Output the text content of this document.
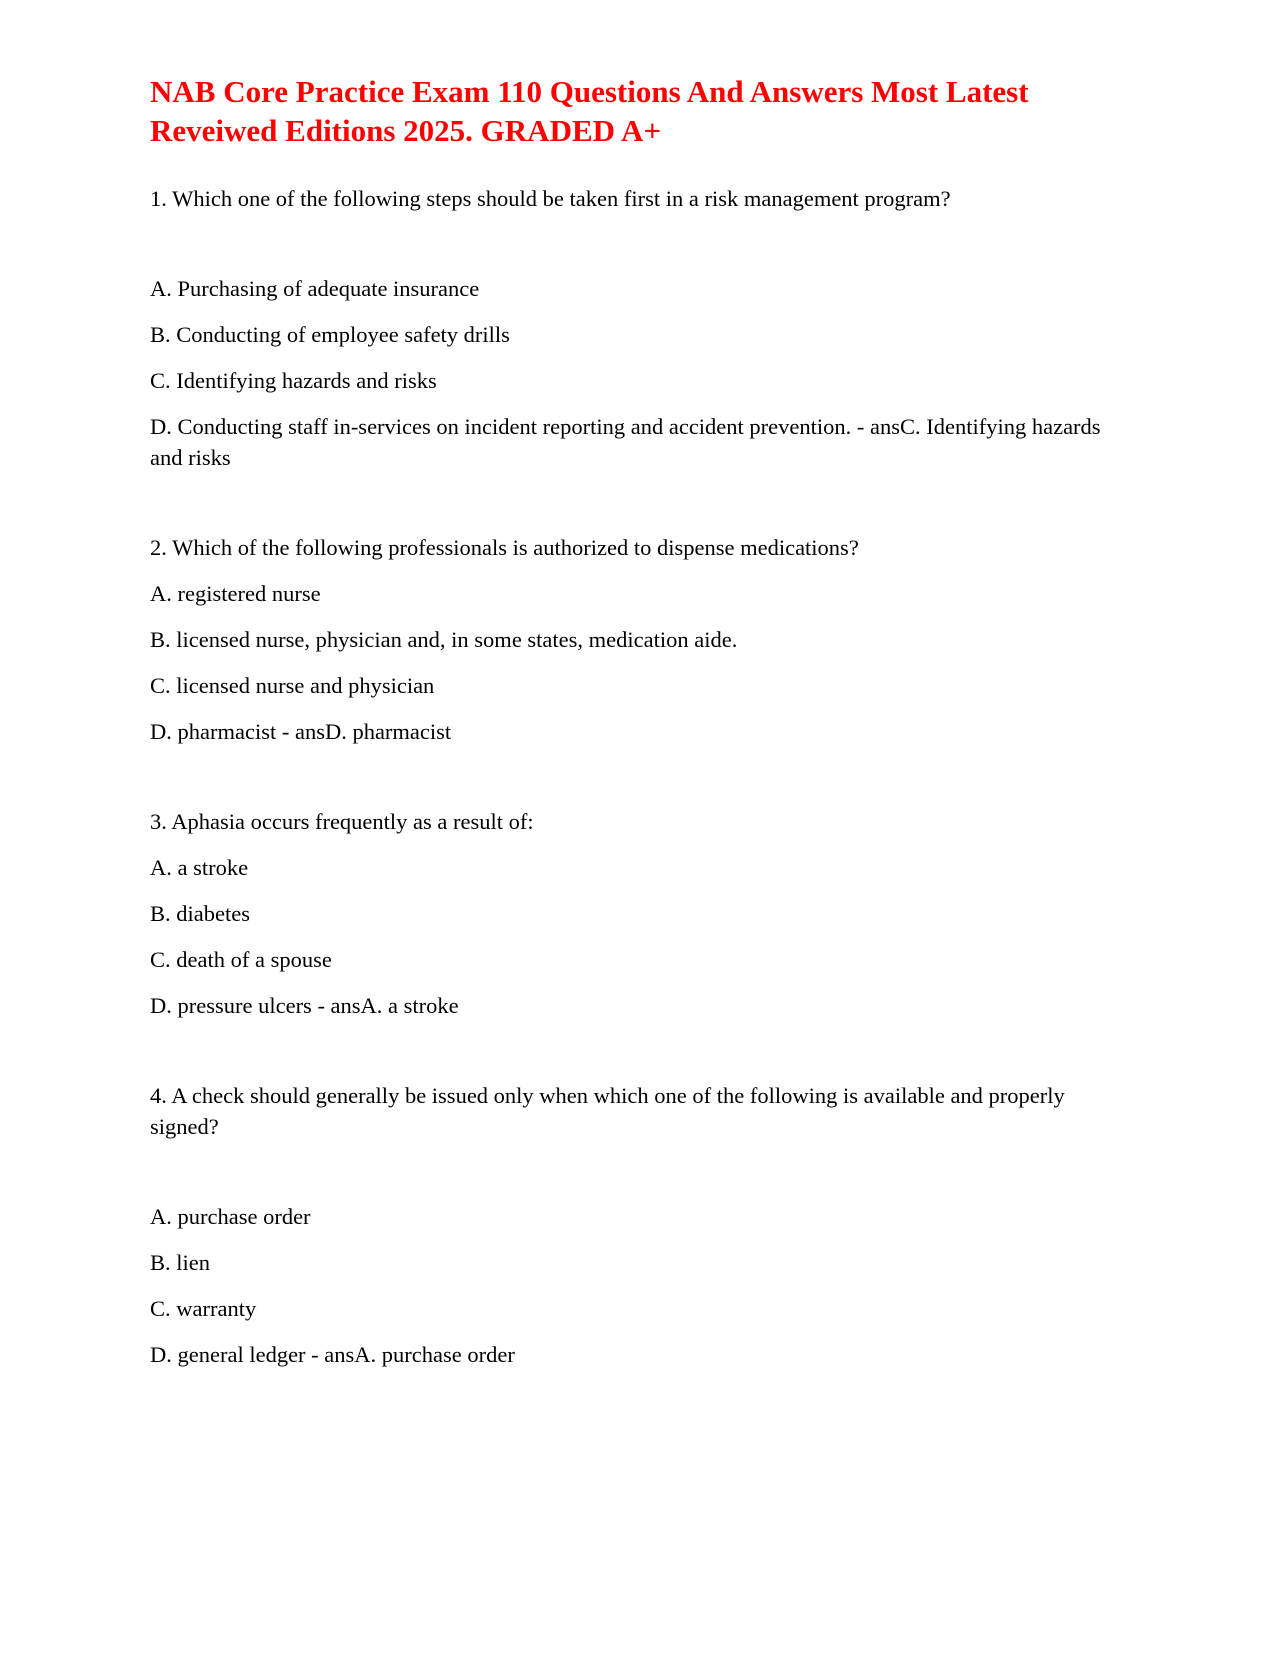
NAB Core Practice Exam 110 Questions And Answers Most Latest Reveiwed Editions 2025. GRADED A+

1. Which one of the following steps should be taken first in a risk management program?

A. Purchasing of adequate insurance

B. Conducting of employee safety drills

C. Identifying hazards and risks

D. Conducting staff in-services on incident reporting and accident prevention. - ansC. Identifying hazards and risks

2. Which of the following professionals is authorized to dispense medications?

A. registered nurse

B. licensed nurse, physician and, in some states, medication aide.

C. licensed nurse and physician

D. pharmacist - ansD. pharmacist

3. Aphasia occurs frequently as a result of:

A. a stroke

B. diabetes

C. death of a spouse

D. pressure ulcers - ansA. a stroke

4. A check should generally be issued only when which one of the following is available and properly signed?

A. purchase order

B. lien

C. warranty

D. general ledger - ansA. purchase order
